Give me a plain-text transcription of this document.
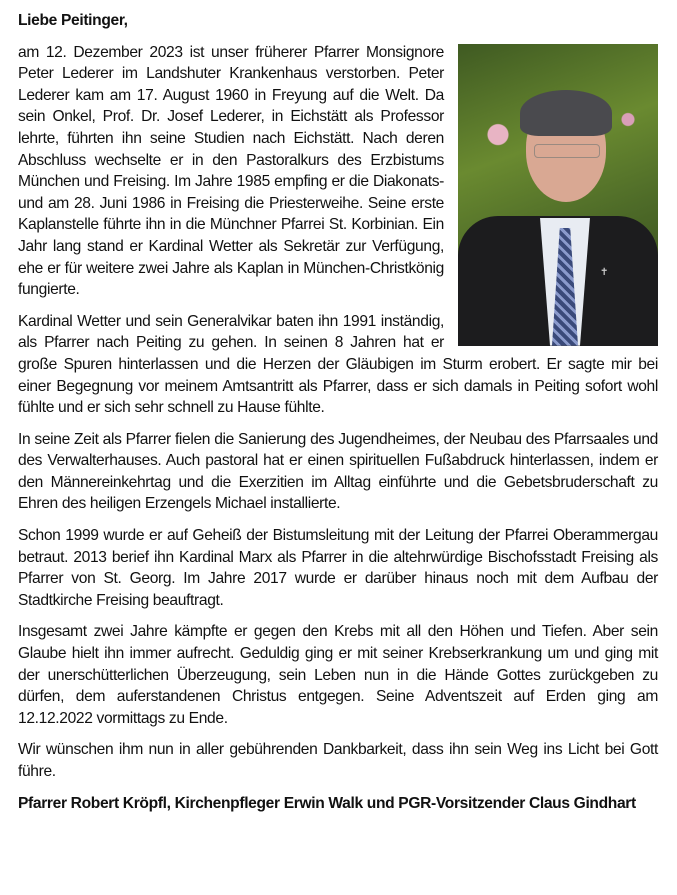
Liebe Peitinger,
✝

am 12. Dezember 2023 ist unser früherer Pfarrer Monsignore Peter Lederer im Landshuter Krankenhaus verstorben. Peter Lederer kam am 17. August 1960 in Freyung auf die Welt. Da sein Onkel, Prof. Dr. Josef Lederer, in Eichstätt als Professor lehrte, führten ihn seine Studien nach Eichstätt. Nach deren Abschluss wechselte er in den Pastoralkurs des Erzbistums München und Freising. Im Jahre 1985 empfing er die Diakonats- und am 28. Juni 1986 in Freising die Priesterweihe. Seine erste Kaplanstelle führte ihn in die Münchner Pfarrei St. Korbinian. Ein Jahr lang stand er Kardinal Wetter als Sekretär zur Verfügung, ehe er für weitere zwei Jahre als Kaplan in München-Christkönig fungierte.

Kardinal Wetter und sein Generalvikar baten ihn 1991 inständig, als Pfarrer nach Peiting zu gehen. In seinen 8 Jahren hat er große Spuren hinterlassen und die Herzen der Gläubigen im Sturm erobert. Er sagte mir bei einer Begegnung vor meinem Amtsantritt als Pfarrer, dass er sich damals in Peiting sofort wohl fühlte und er sich sehr schnell zu Hause fühlte.

In seine Zeit als Pfarrer fielen die Sanierung des Jugendheimes, der Neubau des Pfarrsaales und des Verwalterhauses. Auch pastoral hat er einen spirituellen Fußabdruck hinterlassen, indem er den Männereinkehrtag und die Exerzitien im Alltag einführte und die Gebetsbruderschaft zu Ehren des heiligen Erzengels Michael installierte.

Schon 1999 wurde er auf Geheiß der Bistumsleitung mit der Leitung der Pfarrei Oberammergau betraut. 2013 berief ihn Kardinal Marx als Pfarrer in die altehrwürdige Bischofsstadt Freising als Pfarrer von St. Georg. Im Jahre 2017 wurde er darüber hinaus noch mit dem Aufbau der Stadtkirche Freising beauftragt.

Insgesamt zwei Jahre kämpfte er gegen den Krebs mit all den Höhen und Tiefen. Aber sein Glaube hielt ihn immer aufrecht. Geduldig ging er mit seiner Krebserkrankung um und ging mit der unerschütterlichen Überzeugung, sein Leben nun in die Hände Gottes zurückgeben zu dürfen, dem auferstandenen Christus entgegen. Seine Adventszeit auf Erden ging am 12.12.2022 vormittags zu Ende.

Wir wünschen ihm nun in aller gebührenden Dankbarkeit, dass ihn sein Weg ins Licht bei Gott führe.

Pfarrer Robert Kröpfl, Kirchenpfleger Erwin Walk und PGR-Vorsitzender Claus Gindhart
